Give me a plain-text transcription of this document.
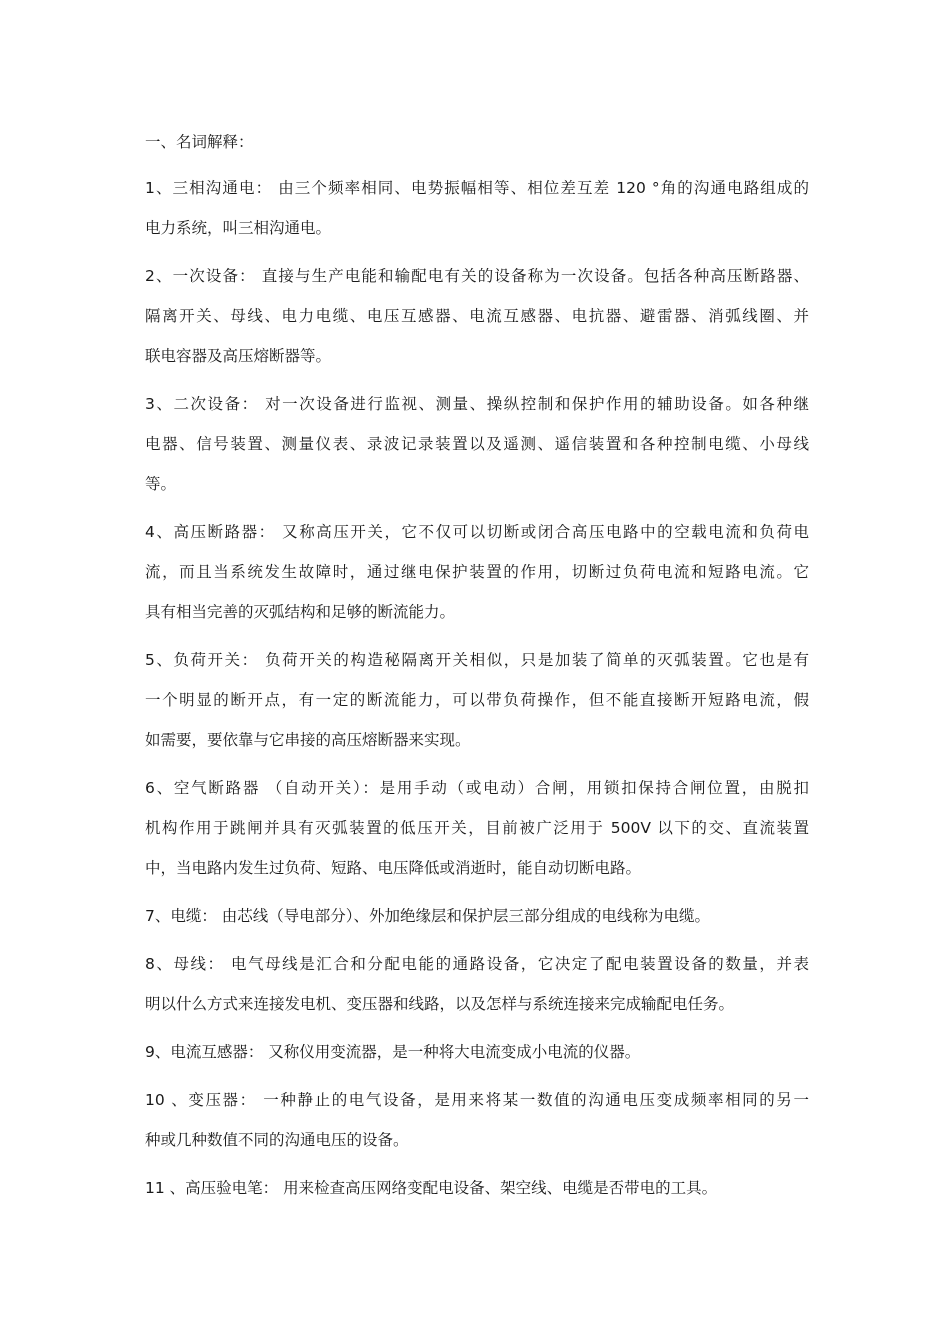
一、名词解释：
1、三相沟通电： 由三个频率相同、电势振幅相等、相位差互差 120 °角的沟通电路组成的
电力系统，叫三相沟通电。
2、一次设备： 直接与生产电能和输配电有关的设备称为一次设备。包括各种高压断路器、
隔离开关、母线、电力电缆、电压互感器、电流互感器、电抗器、避雷器、消弧线圈、并
联电容器及高压熔断器等。
3、二次设备： 对一次设备进行监视、测量、操纵控制和保护作用的辅助设备。如各种继
电器、信号装置、测量仪表、录波记录装置以及遥测、遥信装置和各种控制电缆、小母线
等。
4、高压断路器： 又称高压开关，它不仅可以切断或闭合高压电路中的空载电流和负荷电
流，而且当系统发生故障时，通过继电保护装置的作用，切断过负荷电流和短路电流。它
具有相当完善的灭弧结构和足够的断流能力。
5、负荷开关： 负荷开关的构造秘隔离开关相似，只是加装了简单的灭弧装置。它也是有
一个明显的断开点，有一定的断流能力，可以带负荷操作，但不能直接断开短路电流，假
如需要，要依靠与它串接的高压熔断器来实现。
6、空气断路器 （自动开关）：是用手动（或电动）合闸，用锁扣保持合闸位置，由脱扣
机构作用于跳闸并具有灭弧装置的低压开关，目前被广泛用于 500V 以下的交、直流装置
中，当电路内发生过负荷、短路、电压降低或消逝时，能自动切断电路。
7、电缆： 由芯线（导电部分）、外加绝缘层和保护层三部分组成的电线称为电缆。
8、母线： 电气母线是汇合和分配电能的通路设备，它决定了配电装置设备的数量，并表
明以什么方式来连接发电机、变压器和线路，以及怎样与系统连接来完成输配电任务。
9、电流互感器： 又称仪用变流器，是一种将大电流变成小电流的仪器。
10 、变压器： 一种静止的电气设备，是用来将某一数值的沟通电压变成频率相同的另一
种或几种数值不同的沟通电压的设备。
11 、高压验电笔： 用来检查高压网络变配电设备、架空线、电缆是否带电的工具。
